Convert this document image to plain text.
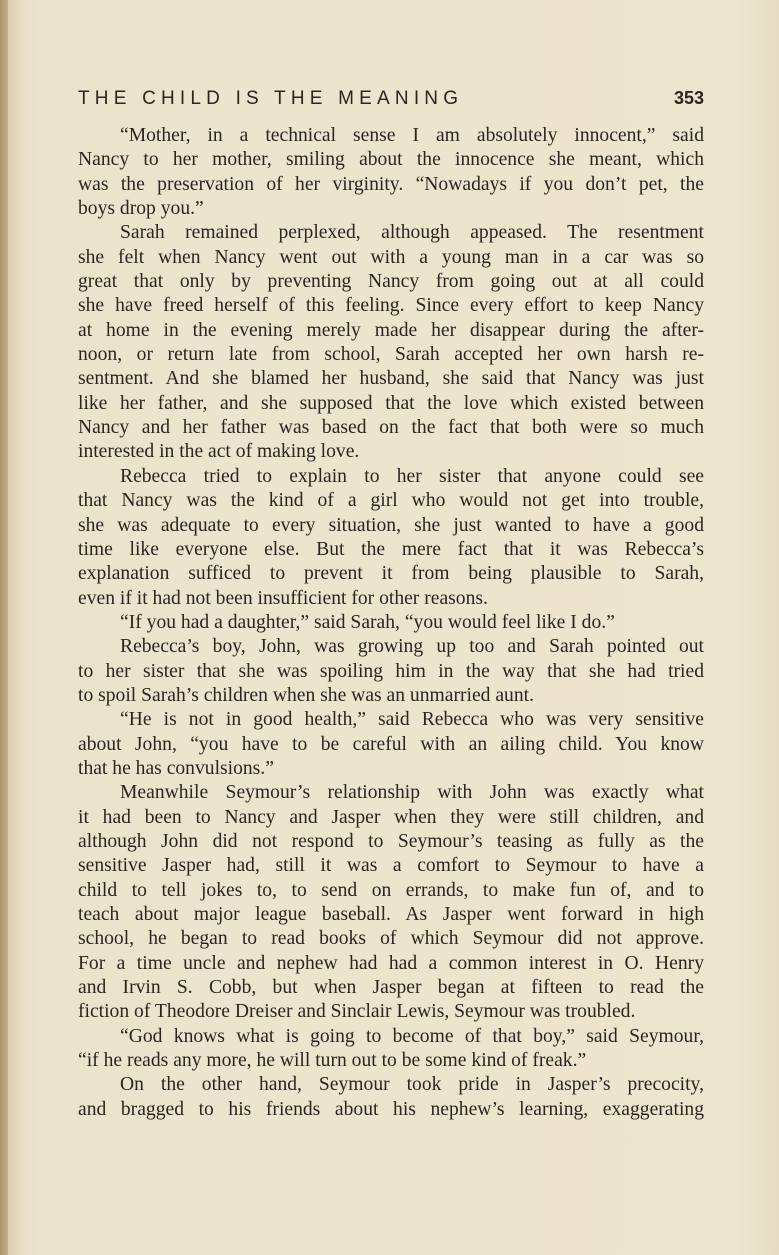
THE CHILD IS THE MEANING	353
“Mother, in a technical sense I am absolutely innocent,” said
Nancy to her mother, smiling about the innocence she meant, which
was the preservation of her virginity. “Nowadays if you don’t pet, the
boys drop you.”
Sarah remained perplexed, although appeased. The resentment
she felt when Nancy went out with a young man in a car was so
great that only by preventing Nancy from going out at all could
she have freed herself of this feeling. Since every effort to keep Nancy
at home in the evening merely made her disappear during the after-
noon, or return late from school, Sarah accepted her own harsh re-
sentment. And she blamed her husband, she said that Nancy was just
like her father, and she supposed that the love which existed between
Nancy and her father was based on the fact that both were so much
interested in the act of making love.
Rebecca tried to explain to her sister that anyone could see
that Nancy was the kind of a girl who would not get into trouble,
she was adequate to every situation, she just wanted to have a good
time like everyone else. But the mere fact that it was Rebecca’s
explanation sufficed to prevent it from being plausible to Sarah,
even if it had not been insufficient for other reasons.
“If you had a daughter,” said Sarah, “you would feel like I do.”
Rebecca’s boy, John, was growing up too and Sarah pointed out
to her sister that she was spoiling him in the way that she had tried
to spoil Sarah’s children when she was an unmarried aunt.
“He is not in good health,” said Rebecca who was very sensitive
about John, “you have to be careful with an ailing child. You know
that he has convulsions.”
Meanwhile Seymour’s relationship with John was exactly what
it had been to Nancy and Jasper when they were still children, and
although John did not respond to Seymour’s teasing as fully as the
sensitive Jasper had, still it was a comfort to Seymour to have a
child to tell jokes to, to send on errands, to make fun of, and to
teach about major league baseball. As Jasper went forward in high
school, he began to read books of which Seymour did not approve.
For a time uncle and nephew had had a common interest in O. Henry
and Irvin S. Cobb, but when Jasper began at fifteen to read the
fiction of Theodore Dreiser and Sinclair Lewis, Seymour was troubled.
“God knows what is going to become of that boy,” said Seymour,
“if he reads any more, he will turn out to be some kind of freak.”
On the other hand, Seymour took pride in Jasper’s precocity,
and bragged to his friends about his nephew’s learning, exaggerating
